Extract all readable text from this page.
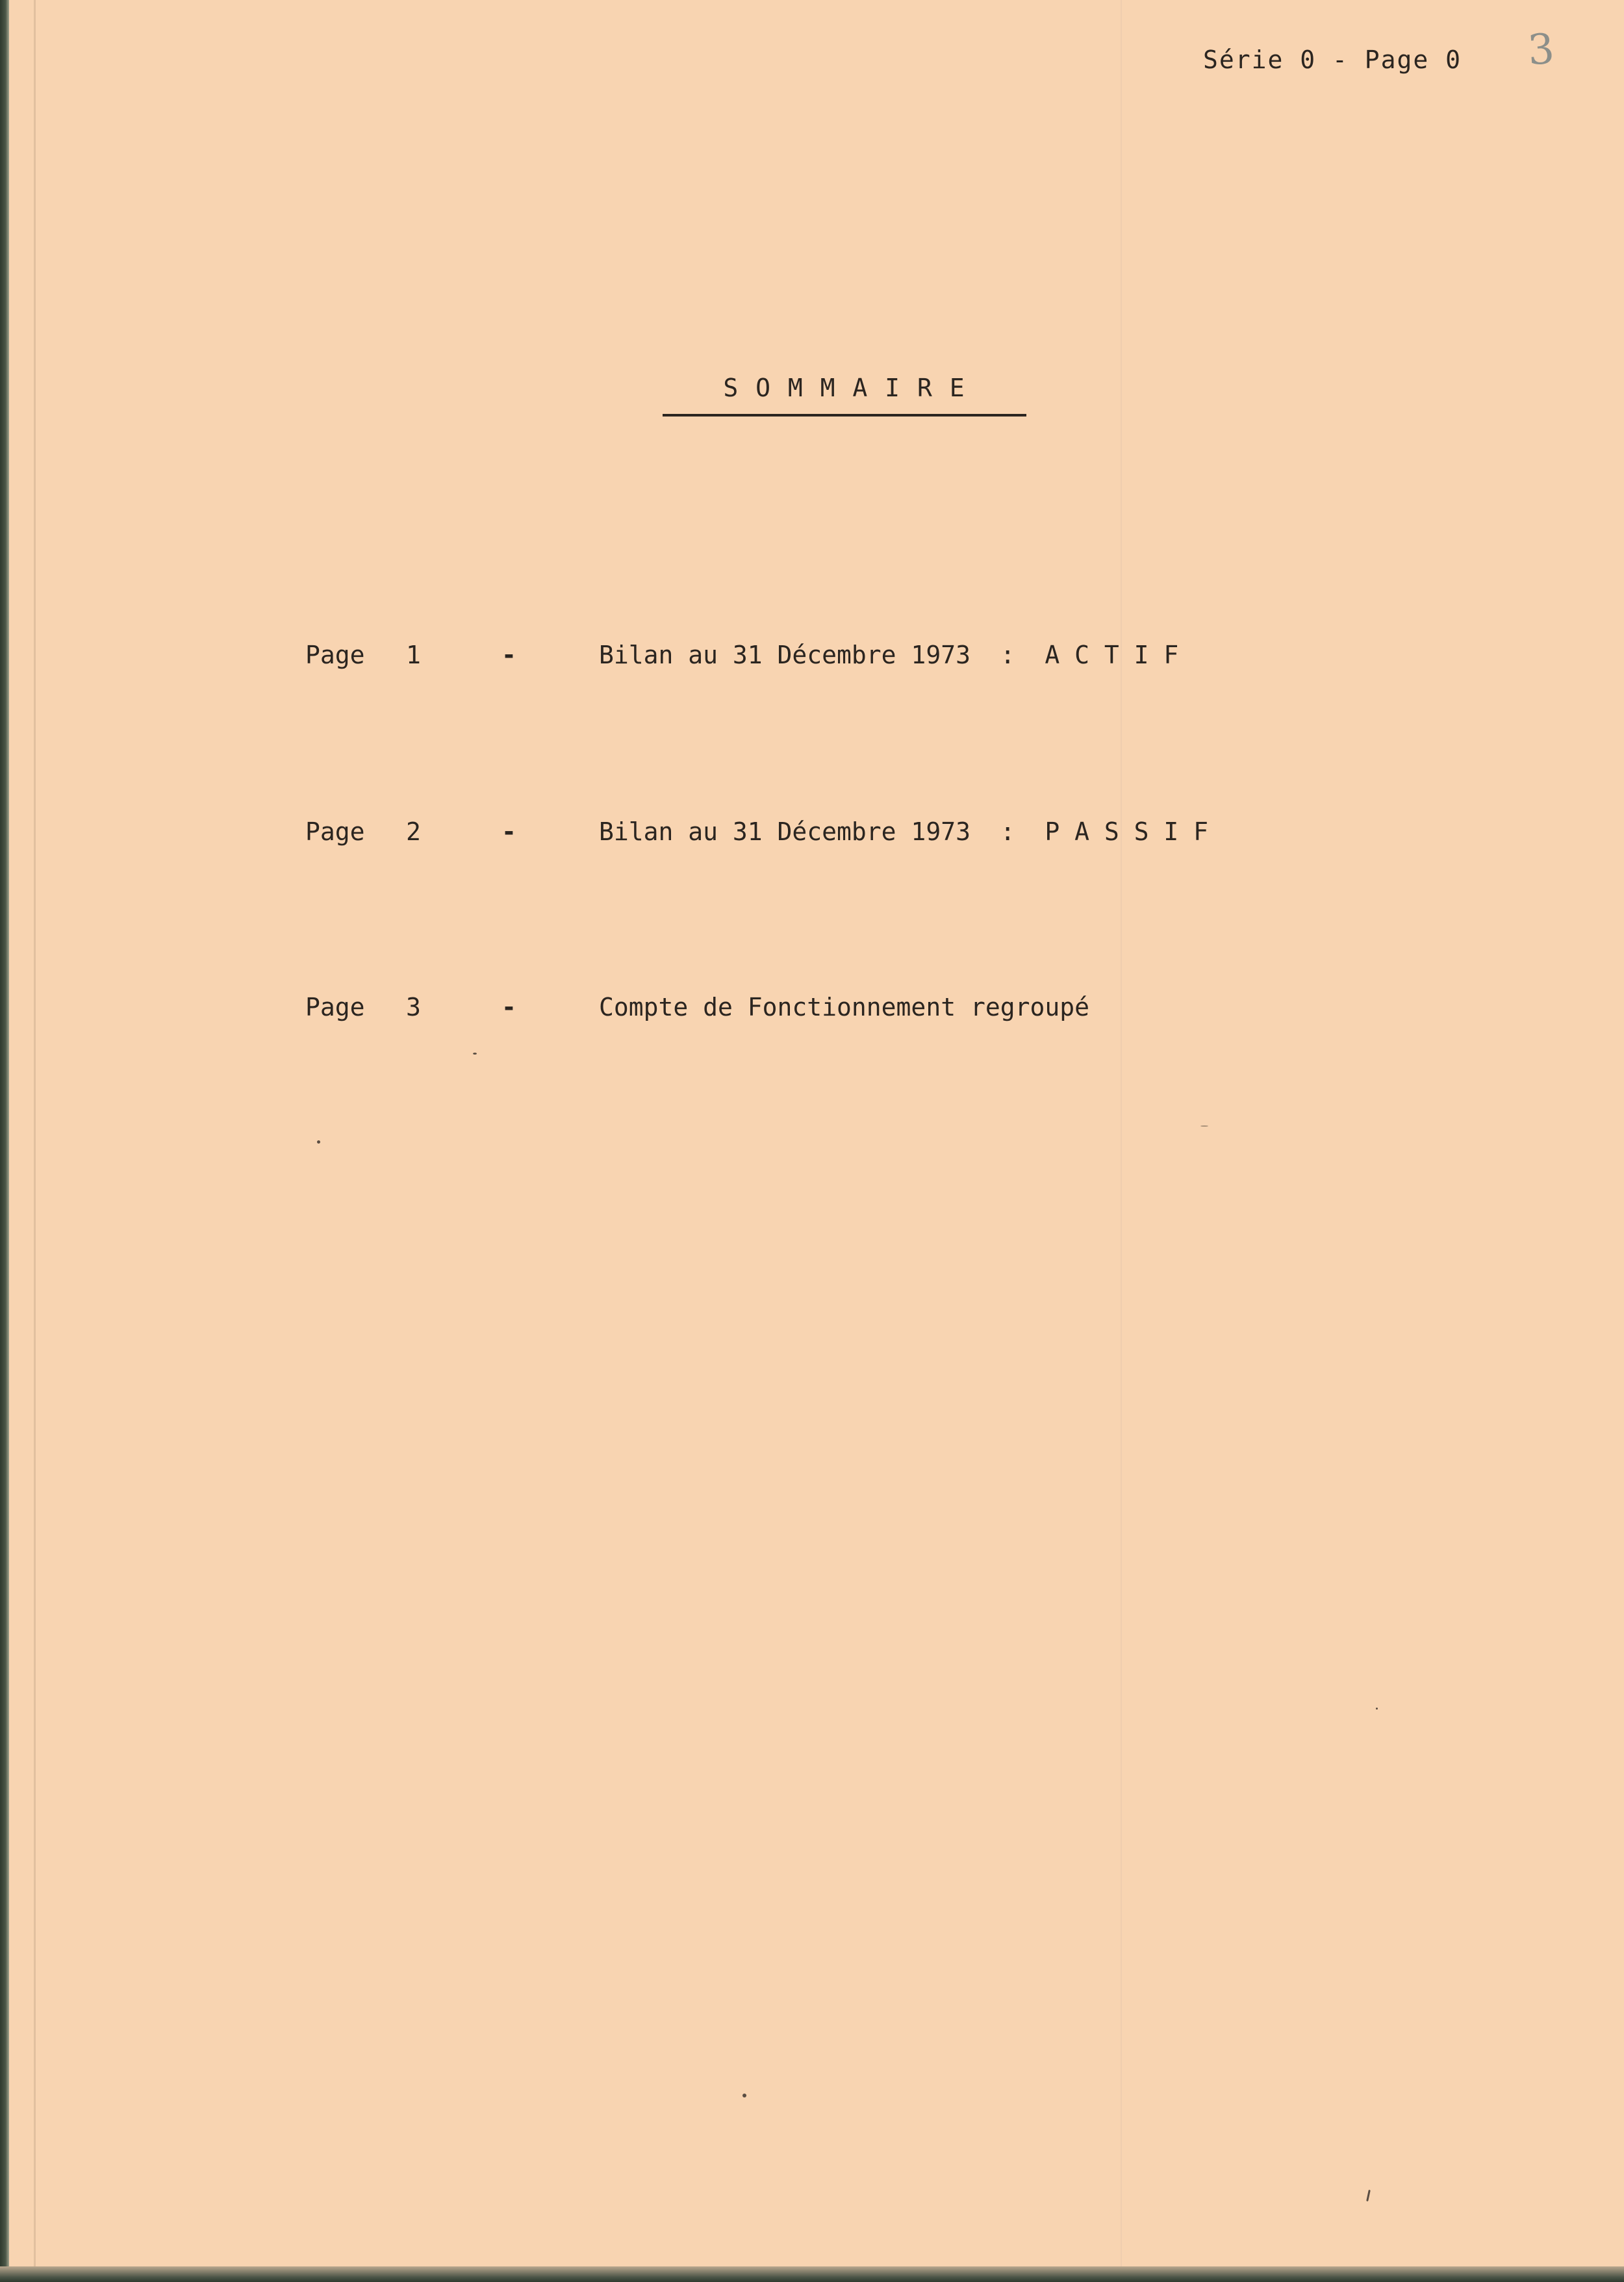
Série 0 - Page 0 3

S O M M A I R E

Page	1	-	Bilan au 31 Décembre 1973  :  A C T I F
Page	2	-	Bilan au 31 Décembre 1973  :  P A S S I F
Page	3	-	Compte de Fonctionnement regroupé
